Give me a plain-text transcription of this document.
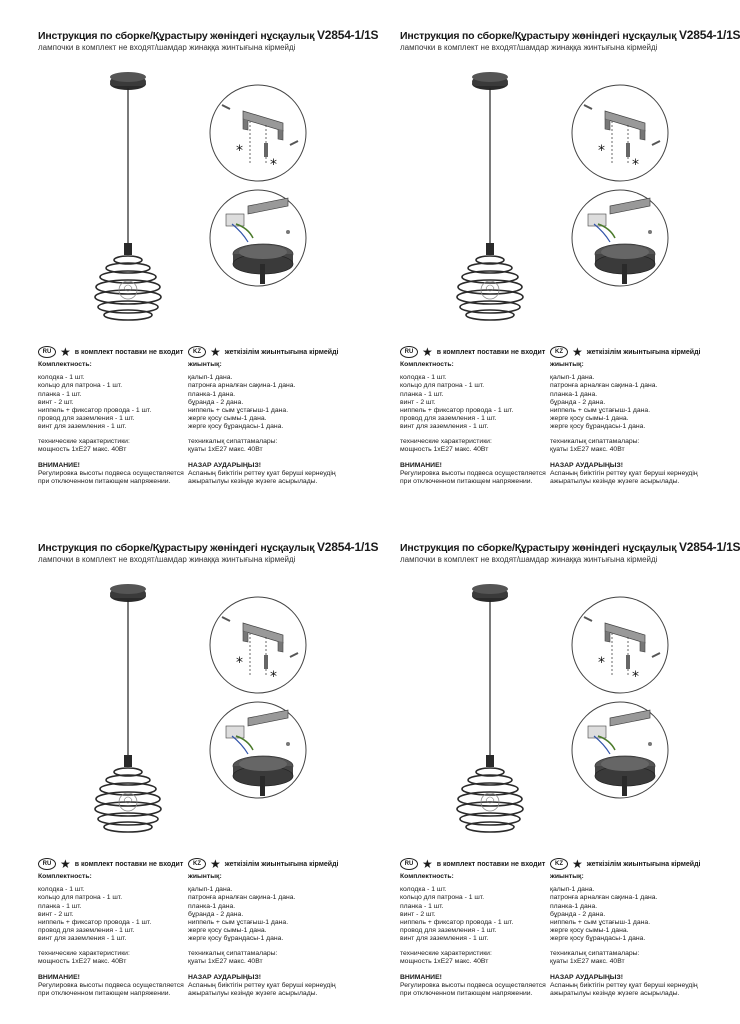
Инструкция по сборке/Құрастыру жөніндегі нұсқаулық V2854-1/1S
лампочки в комплект не входят/шамдар жинаққа жинтығына кірмейді
*
*
RU ★ в комплект поставки не входит	KZ ★ жеткізілім жиынтығына кірмейді
Комплектность:
колодка - 1 шт.
кольцо для патрона - 1 шт.
планка - 1 шт.
винт - 2 шт.
ниппель + фиксатор провода - 1 шт.
провод для заземления - 1 шт.
винт для заземления - 1 шт.
технические характеристики:
мощность 1хE27 макс. 40Вт
ВНИМАНИЕ!
Регулировка высоты подвеса осуществляется
при отключенном питающем напряжении.
жиынтық:
қалып-1 дана.
патронға арналған сақина-1 дана.
планка-1 дана.
бұранда - 2 дана.
ниппель + сым ұстағыш-1 дана.
жерге қосу сымы-1 дана.
жерге қосу бұрандасы-1 дана.
техникалық сипаттамалары:
қуаты 1хE27 макс. 40Вт
НАЗАР АУДАРЫҢЫЗ!
Аспаның биіктігін реттеу қуат беруші кернеудің
ажыратылуы кезінде жүзеге асырылады.
Инструкция по сборке/Құрастыру жөніндегі нұсқаулық V2854-1/1S
лампочки в комплект не входят/шамдар жинаққа жинтығына кірмейді
*
*
RU ★ в комплект поставки не входит	KZ ★ жеткізілім жиынтығына кірмейді
Комплектность:
колодка - 1 шт.
кольцо для патрона - 1 шт.
планка - 1 шт.
винт - 2 шт.
ниппель + фиксатор провода - 1 шт.
провод для заземления - 1 шт.
винт для заземления - 1 шт.
технические характеристики:
мощность 1хE27 макс. 40Вт
ВНИМАНИЕ!
Регулировка высоты подвеса осуществляется
при отключенном питающем напряжении.
жиынтық:
қалып-1 дана.
патронға арналған сақина-1 дана.
планка-1 дана.
бұранда - 2 дана.
ниппель + сым ұстағыш-1 дана.
жерге қосу сымы-1 дана.
жерге қосу бұрандасы-1 дана.
техникалық сипаттамалары:
қуаты 1хE27 макс. 40Вт
НАЗАР АУДАРЫҢЫЗ!
Аспаның биіктігін реттеу қуат беруші кернеудің
ажыратылуы кезінде жүзеге асырылады.
Инструкция по сборке/Құрастыру жөніндегі нұсқаулық V2854-1/1S
лампочки в комплект не входят/шамдар жинаққа жинтығына кірмейді
*
*
RU ★ в комплект поставки не входит	KZ ★ жеткізілім жиынтығына кірмейді
Комплектность:
колодка - 1 шт.
кольцо для патрона - 1 шт.
планка - 1 шт.
винт - 2 шт.
ниппель + фиксатор провода - 1 шт.
провод для заземления - 1 шт.
винт для заземления - 1 шт.
технические характеристики:
мощность 1хE27 макс. 40Вт
ВНИМАНИЕ!
Регулировка высоты подвеса осуществляется
при отключенном питающем напряжении.
жиынтық:
қалып-1 дана.
патронға арналған сақина-1 дана.
планка-1 дана.
бұранда - 2 дана.
ниппель + сым ұстағыш-1 дана.
жерге қосу сымы-1 дана.
жерге қосу бұрандасы-1 дана.
техникалық сипаттамалары:
қуаты 1хE27 макс. 40Вт
НАЗАР АУДАРЫҢЫЗ!
Аспаның биіктігін реттеу қуат беруші кернеудің
ажыратылуы кезінде жүзеге асырылады.
Инструкция по сборке/Құрастыру жөніндегі нұсқаулық V2854-1/1S
лампочки в комплект не входят/шамдар жинаққа жинтығына кірмейді
*
*
RU ★ в комплект поставки не входит	KZ ★ жеткізілім жиынтығына кірмейді
Комплектность:
колодка - 1 шт.
кольцо для патрона - 1 шт.
планка - 1 шт.
винт - 2 шт.
ниппель + фиксатор провода - 1 шт.
провод для заземления - 1 шт.
винт для заземления - 1 шт.
технические характеристики:
мощность 1хE27 макс. 40Вт
ВНИМАНИЕ!
Регулировка высоты подвеса осуществляется
при отключенном питающем напряжении.
жиынтық:
қалып-1 дана.
патронға арналған сақина-1 дана.
планка-1 дана.
бұранда - 2 дана.
ниппель + сым ұстағыш-1 дана.
жерге қосу сымы-1 дана.
жерге қосу бұрандасы-1 дана.
техникалық сипаттамалары:
қуаты 1хE27 макс. 40Вт
НАЗАР АУДАРЫҢЫЗ!
Аспаның биіктігін реттеу қуат беруші кернеудің
ажыратылуы кезінде жүзеге асырылады.
